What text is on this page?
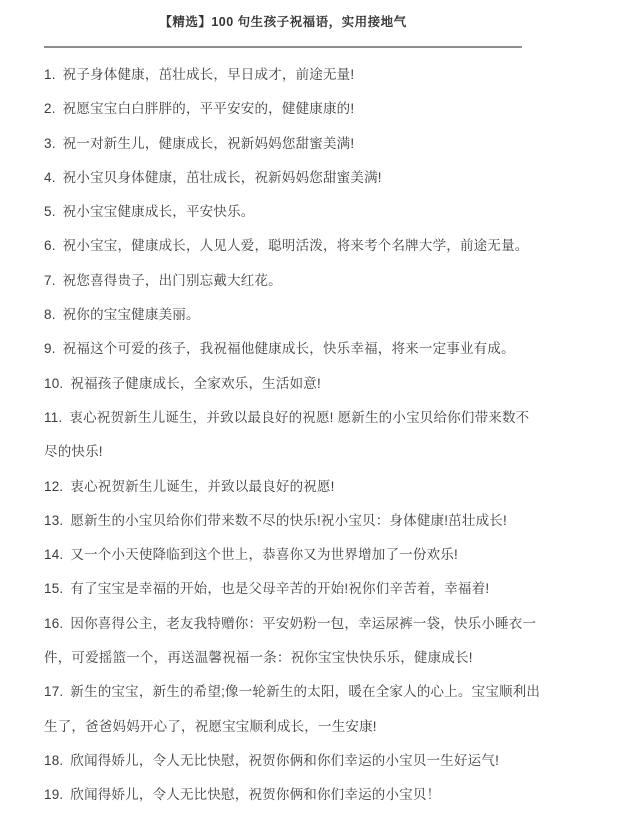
【精选】100 句生孩子祝福语，实用接地气
1. 祝子身体健康，茁壮成长，早日成才，前途无量!
2. 祝愿宝宝白白胖胖的，平平安安的，健健康康的!
3. 祝一对新生儿，健康成长，祝新妈妈您甜蜜美满!
4. 祝小宝贝身体健康，茁壮成长，祝新妈妈您甜蜜美满!
5. 祝小宝宝健康成长，平安快乐。
6. 祝小宝宝，健康成长，人见人爱，聪明活泼，将来考个名牌大学，前途无量。
7. 祝您喜得贵子，出门别忘戴大红花。
8. 祝你的宝宝健康美丽。
9. 祝福这个可爱的孩子，我祝福他健康成长，快乐幸福，将来一定事业有成。
10. 祝福孩子健康成长，全家欢乐，生活如意!
11. 衷心祝贺新生儿诞生，并致以最良好的祝愿! 愿新生的小宝贝给你们带来数不
尽的快乐!
12. 衷心祝贺新生儿诞生，并致以最良好的祝愿!
13. 愿新生的小宝贝给你们带来数不尽的快乐!祝小宝贝：身体健康!茁壮成长!
14. 又一个小天使降临到这个世上，恭喜你又为世界增加了一份欢乐!
15. 有了宝宝是幸福的开始，也是父母辛苦的开始!祝你们辛苦着，幸福着!
16. 因你喜得公主，老友我特赠你：平安奶粉一包，幸运尿裤一袋，快乐小睡衣一
件，可爱摇篮一个，再送温馨祝福一条：祝你宝宝快快乐乐，健康成长!
17. 新生的宝宝，新生的希望;像一轮新生的太阳，暖在全家人的心上。宝宝顺利出
生了，爸爸妈妈开心了，祝愿宝宝顺利成长，一生安康!
18. 欣闻得娇儿，令人无比快慰，祝贺你俩和你们幸运的小宝贝一生好运气!
19. 欣闻得娇儿，令人无比快慰，祝贺你俩和你们幸运的小宝贝！
